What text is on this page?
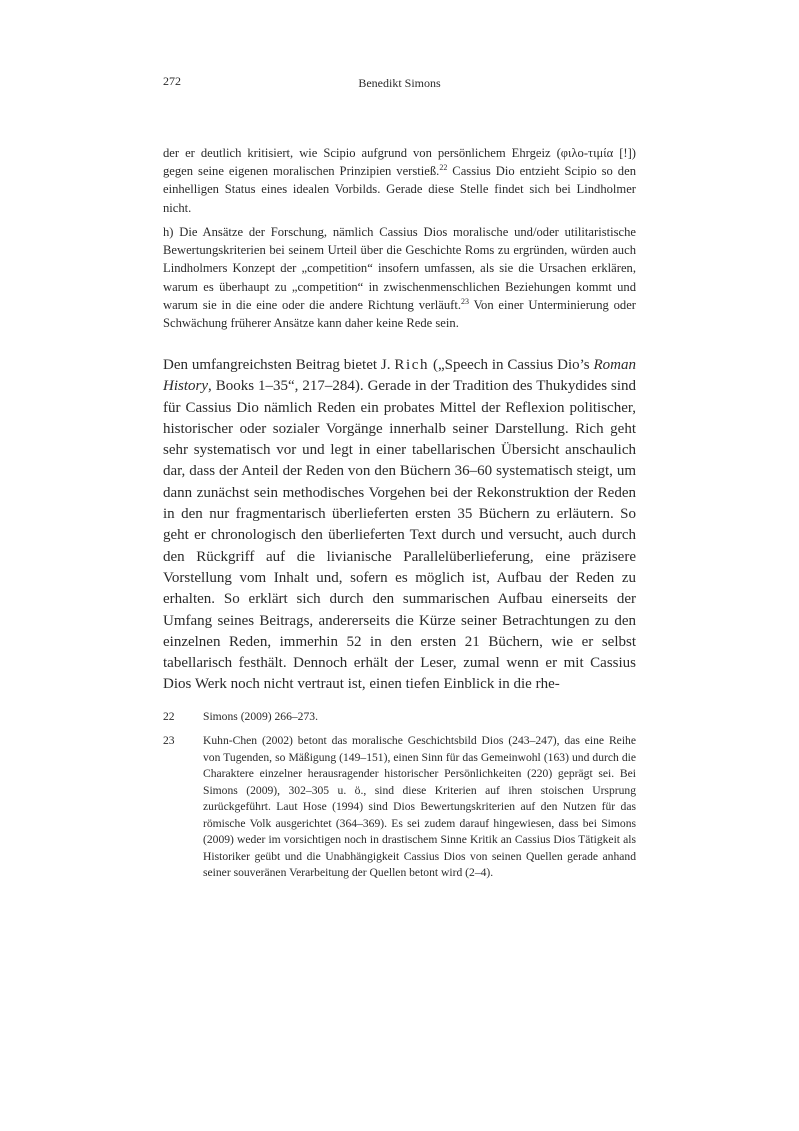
272	Benedikt Simons

der er deutlich kritisiert, wie Scipio aufgrund von persönlichem Ehrgeiz (φιλο-τιμία [!]) gegen seine eigenen moralischen Prinzipien verstieß.$^{22}$ Cassius Dio entzieht Scipio so den einhelligen Status eines idealen Vorbilds. Gerade diese Stelle findet sich bei Lindholmer nicht.

h) Die Ansätze der Forschung, nämlich Cassius Dios moralische und/oder utilitaristische Bewertungskriterien bei seinem Urteil über die Geschichte Roms zu ergründen, würden auch Lindholmers Konzept der „competition“ insofern umfassen, als sie die Ursachen erklären, warum es überhaupt zu „competition“ in zwischenmenschlichen Beziehungen kommt und warum sie in die eine oder die andere Richtung verläuft.$^{23}$ Von einer Unterminierung oder Schwächung früherer Ansätze kann daher keine Rede sein.

Den umfangreichsten Beitrag bietet J. Rich („Speech in Cassius Dio’s Roman History, Books 1–35“, 217–284). Gerade in der Tradition des Thukydides sind für Cassius Dio nämlich Reden ein probates Mittel der Reflexion politischer, historischer oder sozialer Vorgänge innerhalb seiner Darstellung. Rich geht sehr systematisch vor und legt in einer tabellarischen Übersicht anschaulich dar, dass der Anteil der Reden von den Büchern 36–60 systematisch steigt, um dann zunächst sein methodisches Vorgehen bei der Rekonstruktion der Reden in den nur fragmentarisch überlieferten ersten 35 Büchern zu erläutern. So geht er chronologisch den überlieferten Text durch und versucht, auch durch den Rückgriff auf die livianische Parallelüberlieferung, eine präzisere Vorstellung vom Inhalt und, sofern es möglich ist, Aufbau der Reden zu erhalten. So erklärt sich durch den summarischen Aufbau einerseits der Umfang seines Beitrags, andererseits die Kürze seiner Betrachtungen zu den einzelnen Reden, immerhin 52 in den ersten 21 Büchern, wie er selbst tabellarisch festhält. Dennoch erhält der Leser, zumal wenn er mit Cassius Dios Werk noch nicht vertraut ist, einen tiefen Einblick in die rhe-

22 Simons (2009) 266–273.
23 Kuhn-Chen (2002) betont das moralische Geschichtsbild Dios (243–247), das eine Reihe von Tugenden, so Mäßigung (149–151), einen Sinn für das Gemeinwohl (163) und durch die Charaktere einzelner herausragender historischer Persönlichkeiten (220) geprägt sei. Bei Simons (2009), 302–305 u. ö., sind diese Kriterien auf ihren stoischen Ursprung zurückgeführt. Laut Hose (1994) sind Dios Bewertungskriterien auf den Nutzen für das römische Volk ausgerichtet (364–369). Es sei zudem darauf hingewiesen, dass bei Simons (2009) weder im vorsichtigen noch in drastischem Sinne Kritik an Cassius Dios Tätigkeit als Historiker geübt und die Unabhängigkeit Cassius Dios von seinen Quellen gerade anhand seiner souveränen Verarbeitung der Quellen betont wird (2–4).
